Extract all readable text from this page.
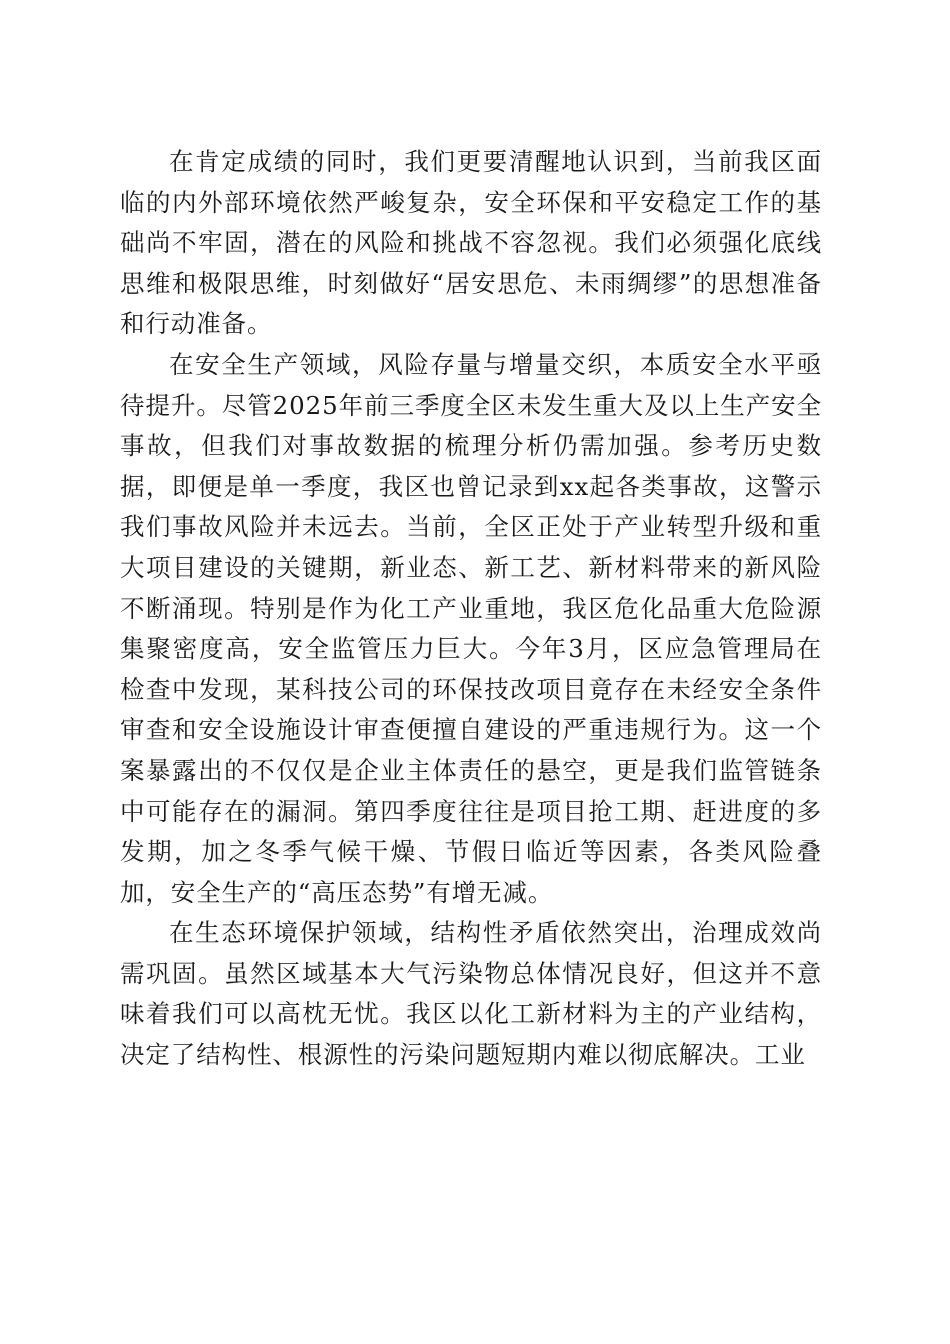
在肯定成绩的同时，我们更要清醒地认识到，当前我区面临的内外部环境依然严峻复杂，安全环保和平安稳定工作的基础尚不牢固，潜在的风险和挑战不容忽视。我们必须强化底线思维和极限思维，时刻做好“居安思危、未雨绸缪”的思想准备和行动准备。

在安全生产领域，风险存量与增量交织，本质安全水平亟待提升。尽管2025年前三季度全区未发生重大及以上生产安全事故，但我们对事故数据的梳理分析仍需加强。参考历史数据，即便是单一季度，我区也曾记录到xx起各类事故，这警示我们事故风险并未远去。当前，全区正处于产业转型升级和重大项目建设的关键期，新业态、新工艺、新材料带来的新风险不断涌现。特别是作为化工产业重地，我区危化品重大危险源集聚密度高，安全监管压力巨大。今年3月，区应急管理局在检查中发现，某科技公司的环保技改项目竟存在未经安全条件审查和安全设施设计审查便擅自建设的严重违规行为。这一个案暴露出的不仅仅是企业主体责任的悬空，更是我们监管链条中可能存在的漏洞。第四季度往往是项目抢工期、赶进度的多发期，加之冬季气候干燥、节假日临近等因素，各类风险叠加，安全生产的“高压态势”有增无减。

在生态环境保护领域，结构性矛盾依然突出，治理成效尚需巩固。虽然区域基本大气污染物总体情况良好，但这并不意味着我们可以高枕无忧。我区以化工新材料为主的产业结构，决定了结构性、根源性的污染问题短期内难以彻底解决。工业
